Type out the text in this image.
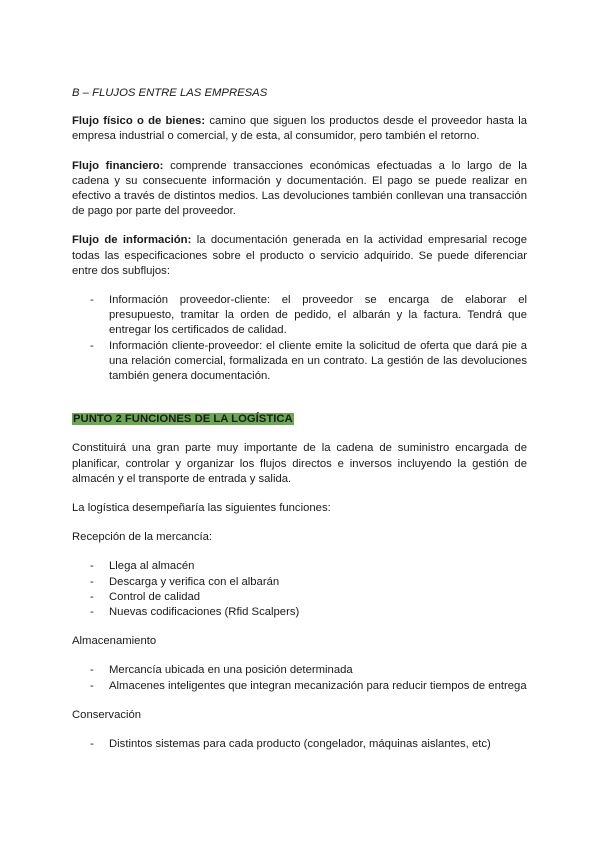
B – FLUJOS ENTRE LAS EMPRESAS

Flujo físico o de bienes: camino que siguen los productos desde el proveedor hasta la empresa industrial o comercial, y de esta, al consumidor, pero también el retorno.

Flujo financiero: comprende transacciones económicas efectuadas a lo largo de la cadena y su consecuente información y documentación. El pago se puede realizar en efectivo a través de distintos medios. Las devoluciones también conllevan una transacción de pago por parte del proveedor.

Flujo de información: la documentación generada en la actividad empresarial recoge todas las especificaciones sobre el producto o servicio adquirido. Se puede diferenciar entre dos subflujos:

- Información proveedor-cliente: el proveedor se encarga de elaborar el presupuesto, tramitar la orden de pedido, el albarán y la factura. Tendrá que entregar los certificados de calidad.
- Información cliente-proveedor: el cliente emite la solicitud de oferta que dará pie a una relación comercial, formalizada en un contrato. La gestión de las devoluciones también genera documentación.
PUNTO 2 FUNCIONES DE LA LOGÍSTICA

Constituirá una gran parte muy importante de la cadena de suministro encargada de planificar, controlar y organizar los flujos directos e inversos incluyendo la gestión de almacén y el transporte de entrada y salida.

La logística desempeñaría las siguientes funciones:
Recepción de la mercancía:
- Llega al almacén
- Descarga y verifica con el albarán
- Control de calidad
- Nuevas codificaciones (Rfid Scalpers)
Almacenamiento
- Mercancía ubicada en una posición determinada
- Almacenes inteligentes que integran mecanización para reducir tiempos de entrega
Conservación
- Distintos sistemas para cada producto (congelador, máquinas aislantes, etc)
